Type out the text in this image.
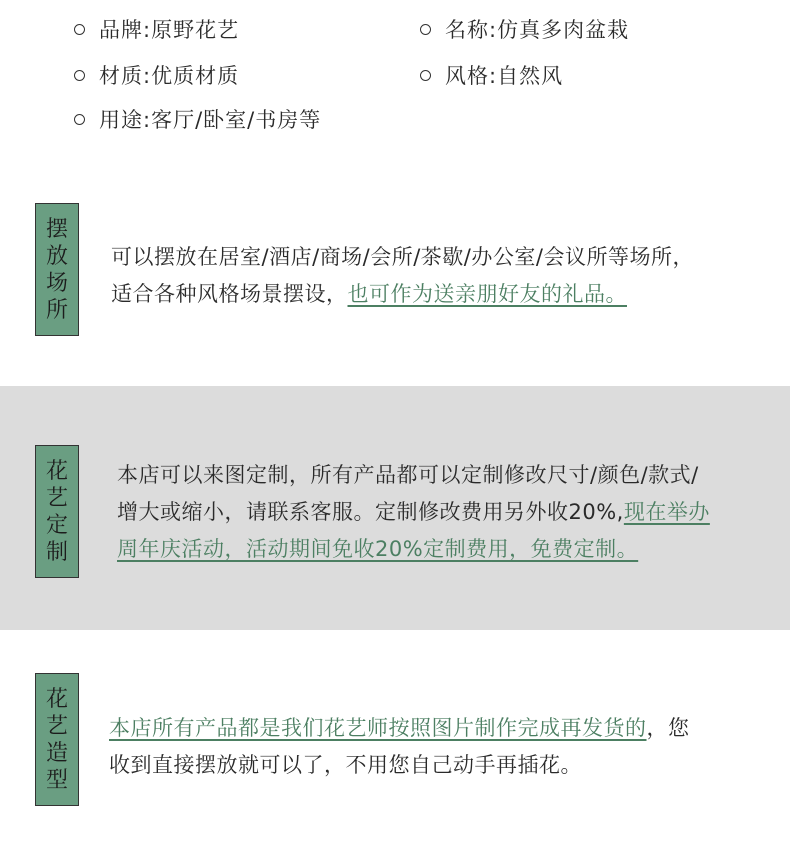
品牌:原野花艺	名称:仿真多肉盆栽
材质:优质材质	风格:自然风
用途:客厅/卧室/书房等
摆
放
场
所
可以摆放在居室/酒店/商场/会所/茶歇/办公室/会议所等场所，
适合各种风格场景摆设，也可作为送亲朋好友的礼品。
花
艺
定
制
本店可以来图定制，所有产品都可以定制修改尺寸/颜色/款式/
增大或缩小，请联系客服。定制修改费用另外收20%,现在举办
周年庆活动，活动期间免收20%定制费用，免费定制。
花
艺
造
型
本店所有产品都是我们花艺师按照图片制作完成再发货的，您
收到直接摆放就可以了，不用您自己动手再插花。
